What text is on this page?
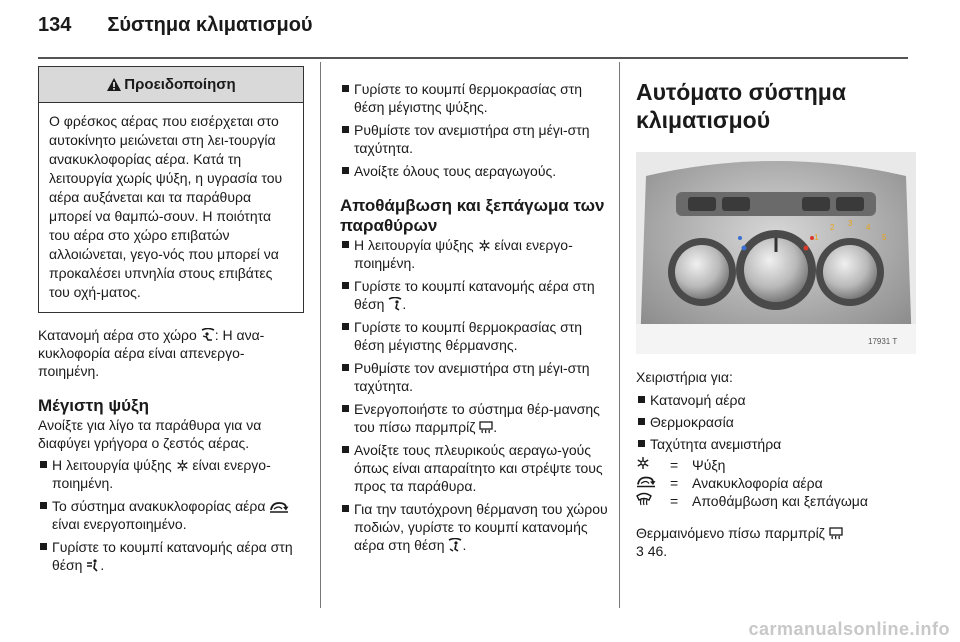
134 Σύστημα κλιματισμού
Προειδοποίηση
Ο φρέσκος αέρας που εισέρχεται στο αυτοκίνητο μειώνεται στη λει-τουργία ανακυκλοφορίας αέρα. Κατά τη λειτουργία χωρίς ψύξη, η υγρασία του αέρα αυξάνεται και τα παράθυρα μπορεί να θαμπώ-σουν. Η ποιότητα του αέρα στο χώρο επιβατών αλλοιώνεται, γεγο-νός που μπορεί να προκαλέσει υπνηλία στους επιβάτες του οχή-ματος.

Κατανομή αέρα στο χώρο : Η ανα-κυκλοφορία αέρα είναι απενεργο-ποιημένη.

Μέγιστη ψύξη

Ανοίξτε για λίγο τα παράθυρα για να διαφύγει γρήγορα ο ζεστός αέρας.

Η λειτουργία ψύξης είναι ενεργο-ποιημένη.
Το σύστημα ανακυκλοφορίας αέρα  είναι ενεργοποιημένο.
Γυρίστε το κουμπί κατανομής αέρα στη θέση .
Γυρίστε το κουμπί θερμοκρασίας στη θέση μέγιστης ψύξης.
Ρυθμίστε τον ανεμιστήρα στη μέγι-στη ταχύτητα.
Ανοίξτε όλους τους αεραγωγούς.
Αποθάμβωση και ξεπάγωμα των παραθύρων
Η λειτουργία ψύξης είναι ενεργο-ποιημένη.
Γυρίστε το κουμπί κατανομής αέρα στη θέση .
Γυρίστε το κουμπί θερμοκρασίας στη θέση μέγιστης θέρμανσης.
Ρυθμίστε τον ανεμιστήρα στη μέγι-στη ταχύτητα.
Ενεργοποιήστε το σύστημα θέρ-μανσης του πίσω παρμπρίζ .
Ανοίξτε τους πλευρικούς αεραγω-γούς όπως είναι απαραίτητο και στρέψτε τους προς τα παράθυρα.
Για την ταυτόχρονη θέρμανση του χώρου ποδιών, γυρίστε το κουμπί κατανομής αέρα στη θέση .
Αυτόματο σύστημα κλιματισμού
1
2 3 4
5
17931 T

Χειριστήρια για:

Κατανομή αέρα
Θερμοκρασία
Ταχύτητα ανεμιστήρα
	=	Ψύξη
	=	Ανακυκλοφορία αέρα
	=	Αποθάμβωση και ξεπάγωμα

Θερμαινόμενο πίσω παρμπρίζ

3 46.

carmanualsonline.info
